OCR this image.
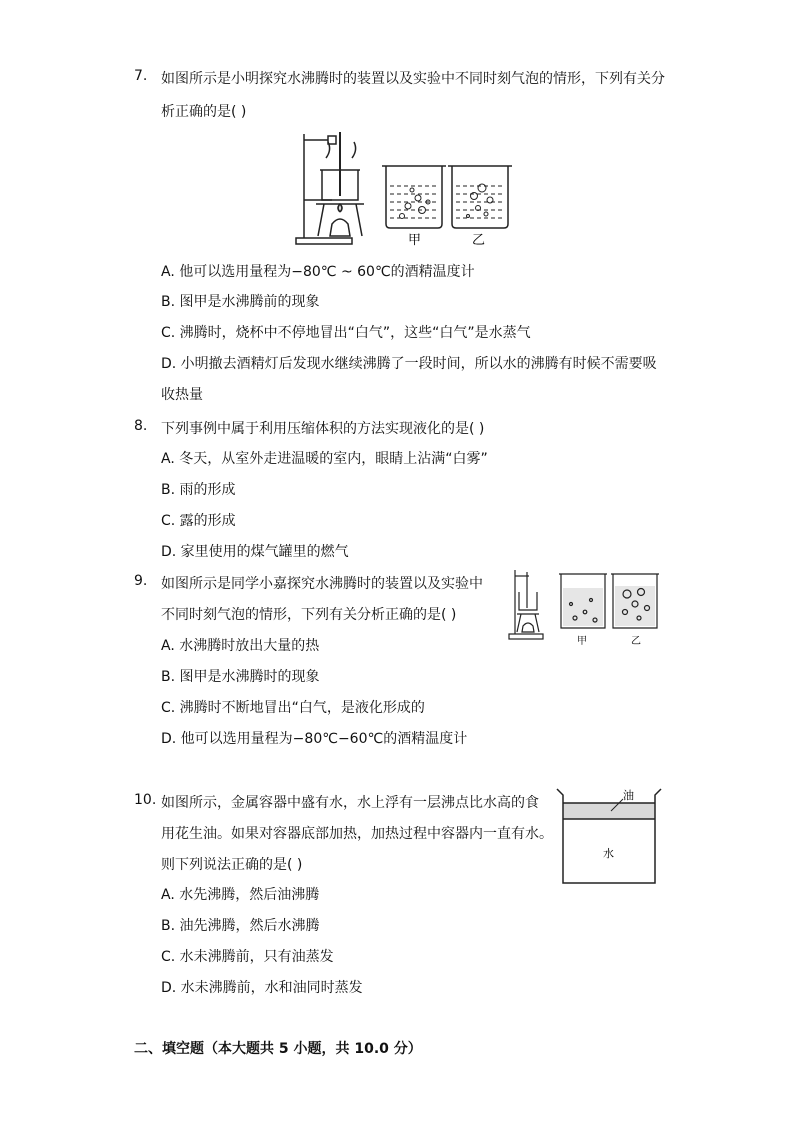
7. 如图所示是小明探究水沸腾时的装置以及实验中不同时刻气泡的情形，下列有关分
析正确的是( )
甲	乙
A. 他可以选用量程为−80℃ ~ 60℃的酒精温度计
B. 图甲是水沸腾前的现象
C. 沸腾时，烧杯中不停地冒出“白气”，这些“白气”是水蒸气
D. 小明撤去酒精灯后发现水继续沸腾了一段时间，所以水的沸腾有时候不需要吸
收热量
8. 下列事例中属于利用压缩体积的方法实现液化的是( )
A. 冬天，从室外走进温暖的室内，眼睛上沾满“白雾”
B. 雨的形成
C. 露的形成
D. 家里使用的煤气罐里的燃气
9. 如图所示是同学小嘉探究水沸腾时的装置以及实验中
不同时刻气泡的情形，下列有关分析正确的是( )
甲	乙
A. 水沸腾时放出大量的热
B. 图甲是水沸腾时的现象
C. 沸腾时不断地冒出“白气，是液化形成的
D. 他可以选用量程为−80℃−60℃的酒精温度计
10. 如图所示，金属容器中盛有水，水上浮有一层沸点比水高的食
用花生油。如果对容器底部加热，加热过程中容器内一直有水。
则下列说法正确的是( )
油
水
A. 水先沸腾，然后油沸腾
B. 油先沸腾，然后水沸腾
C. 水未沸腾前，只有油蒸发
D. 水未沸腾前，水和油同时蒸发
二、填空题（本大题共 5 小题，共 10.0 分）
